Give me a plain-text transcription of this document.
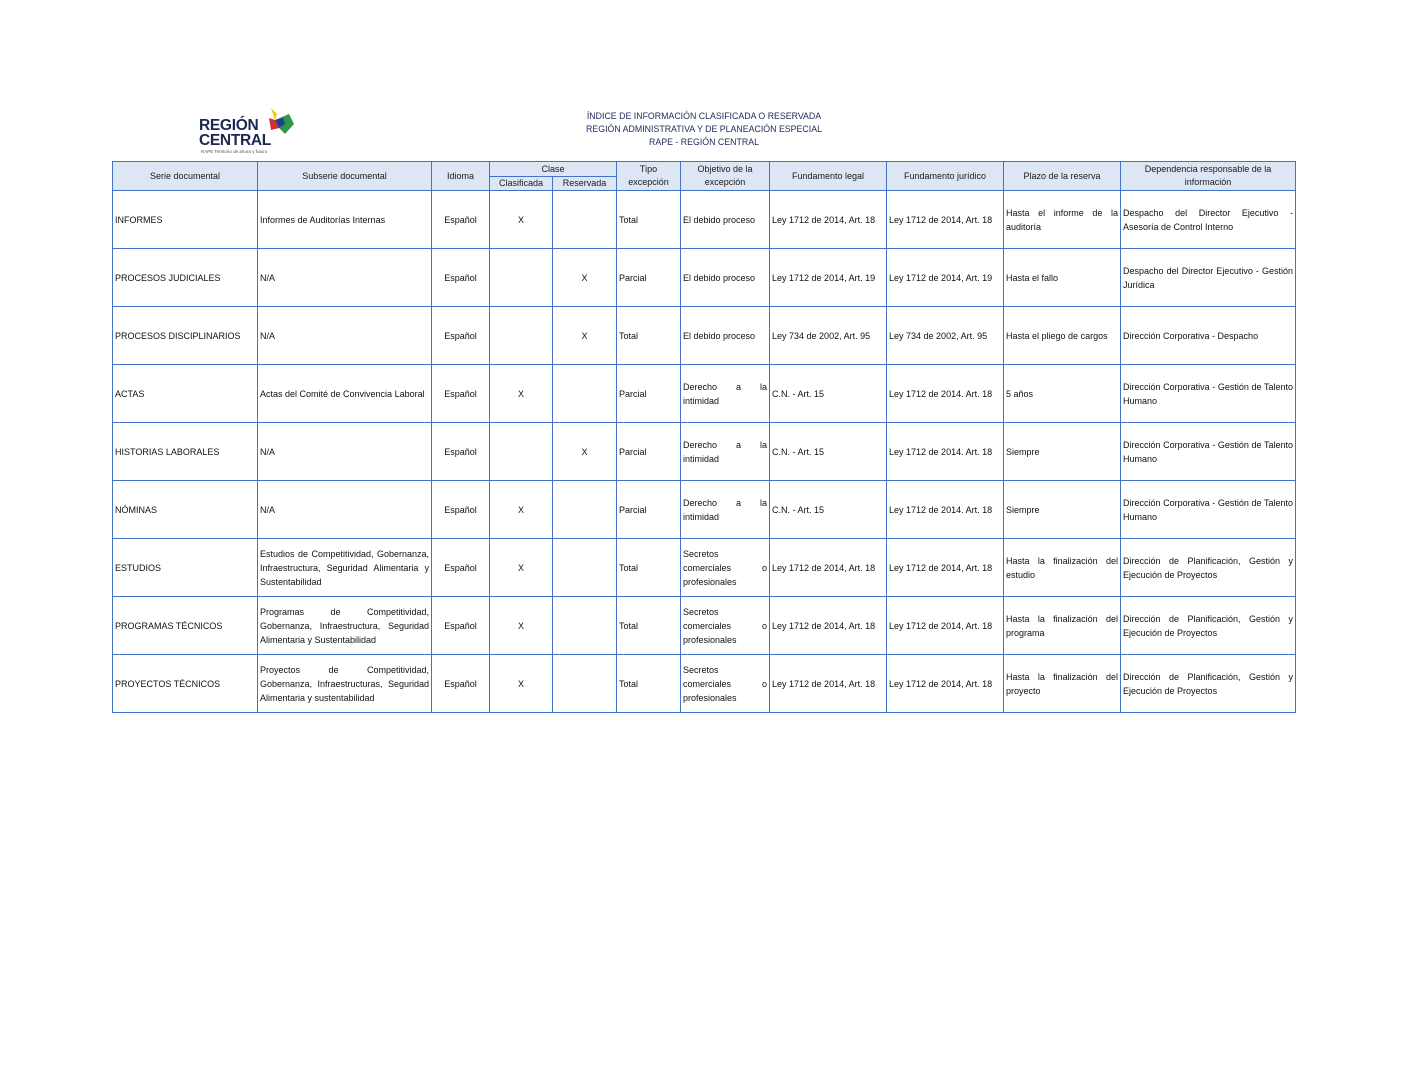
REGIÓN
CENTRAL
RAPE Territorio de ahora y futuro
ÍNDICE DE INFORMACIÓN CLASIFICADA O RESERVADA
REGIÓN ADMINISTRATIVA Y DE PLANEACIÓN ESPECIAL
RAPE - REGIÓN CENTRAL
Serie documental	Subserie documental	Idioma	Clase		Tipo excepción	Objetivo de la excepción	Fundamento legal	Fundamento jurídico	Plazo de la reserva	Dependencia responsable de la información
			Clasificada	Reservada						
INFORMES	Informes de Auditorías Internas	Español	X		Total	El debido proceso	Ley 1712 de 2014, Art. 18	Ley 1712 de 2014, Art. 18	Hasta el informe de la auditoría	Despacho del Director Ejecutivo - Asesoría de Control Interno
PROCESOS JUDICIALES	N/A	Español		X	Parcial	El debido proceso	Ley 1712 de 2014, Art. 19	Ley 1712 de 2014, Art. 19	Hasta el fallo	Despacho del Director Ejecutivo - Gestión Jurídica
PROCESOS DISCIPLINARIOS	N/A	Español		X	Total	El debido proceso	Ley 734 de 2002, Art. 95	Ley 734 de 2002, Art. 95	Hasta el pliego de cargos	Dirección Corporativa - Despacho
ACTAS	Actas del Comité de Convivencia Laboral	Español	X		Parcial	Derecho a la intimidad	C.N. - Art. 15	Ley 1712 de 2014. Art. 18	5 años	Dirección Corporativa - Gestión de Talento Humano
HISTORIAS LABORALES	N/A	Español		X	Parcial	Derecho a la intimidad	C.N. - Art. 15	Ley 1712 de 2014. Art. 18	Siempre	Dirección Corporativa - Gestión de Talento Humano
NÓMINAS	N/A	Español	X		Parcial	Derecho a la intimidad	C.N. - Art. 15	Ley 1712 de 2014. Art. 18	Siempre	Dirección Corporativa - Gestión de Talento Humano
ESTUDIOS	Estudios de Competitividad, Gobernanza, Infraestructura, Seguridad Alimentaria y Sustentabilidad	Español	X		Total	Secretos comerciales o profesionales	Ley 1712 de 2014, Art. 18	Ley 1712 de 2014, Art. 18	Hasta la finalización del estudio	Dirección de Planificación, Gestión y Ejecución de Proyectos
PROGRAMAS TÉCNICOS	Programas de Competitividad, Gobernanza, Infraestructura, Seguridad Alimentaria y Sustentabilidad	Español	X		Total	Secretos comerciales o profesionales	Ley 1712 de 2014, Art. 18	Ley 1712 de 2014, Art. 18	Hasta la finalización del programa	Dirección de Planificación, Gestión y Ejecución de Proyectos
PROYECTOS TÉCNICOS	Proyectos de Competitividad, Gobernanza, Infraestructuras, Seguridad Alimentaria y sustentabilidad	Español	X		Total	Secretos comerciales o profesionales	Ley 1712 de 2014, Art. 18	Ley 1712 de 2014, Art. 18	Hasta la finalización del proyecto	Dirección de Planificación, Gestión y Ejecución de Proyectos
